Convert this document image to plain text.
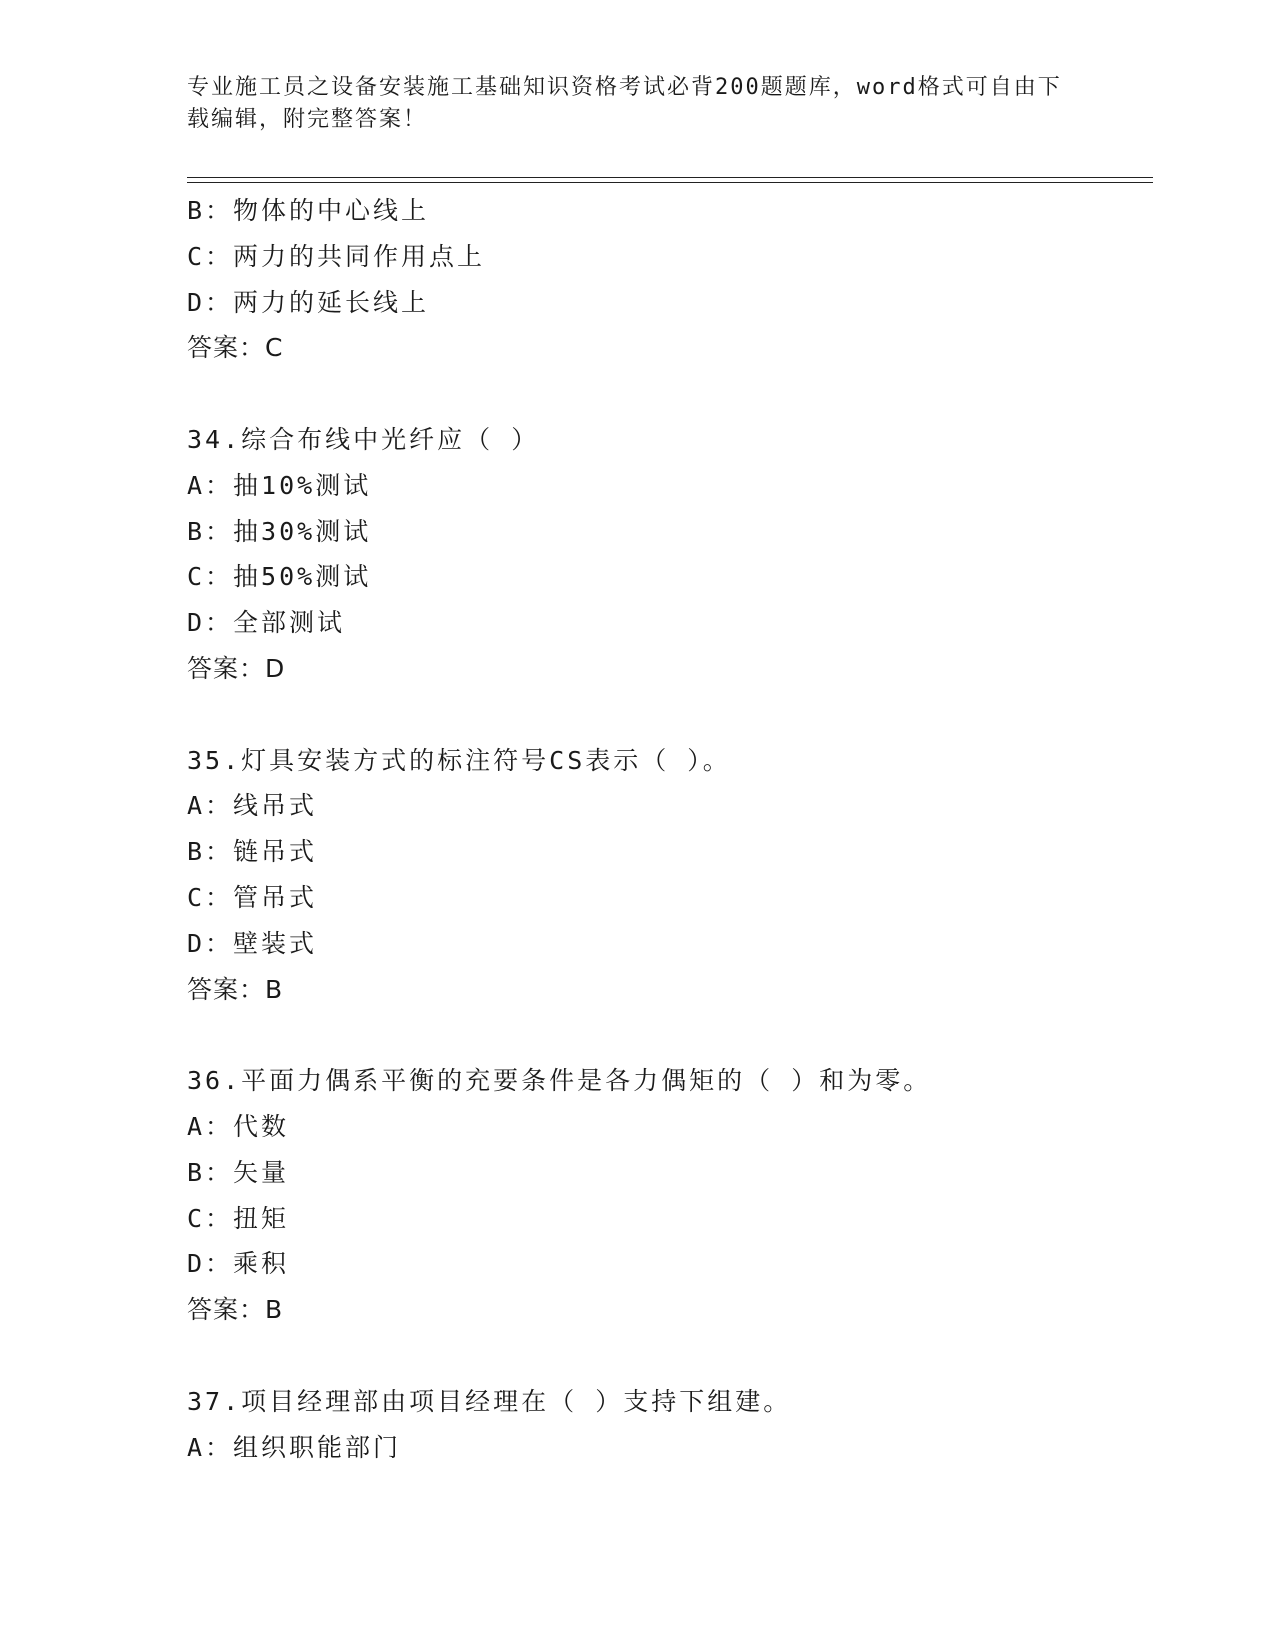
专业施工员之设备安装施工基础知识资格考试必背200题题库，word格式可自由下载编辑，附完整答案！
B：物体的中心线上
C：两力的共同作用点上
D：两力的延长线上
答案：C
34.综合布线中光纤应（ ）
A：抽10%测试
B：抽30%测试
C：抽50%测试
D：全部测试
答案：D
35.灯具安装方式的标注符号CS表示（ ）。
A：线吊式
B：链吊式
C：管吊式
D：壁装式
答案：B
36.平面力偶系平衡的充要条件是各力偶矩的（ ）和为零。
A：代数
B：矢量
C：扭矩
D：乘积
答案：B
37.项目经理部由项目经理在（ ）支持下组建。
A：组织职能部门
